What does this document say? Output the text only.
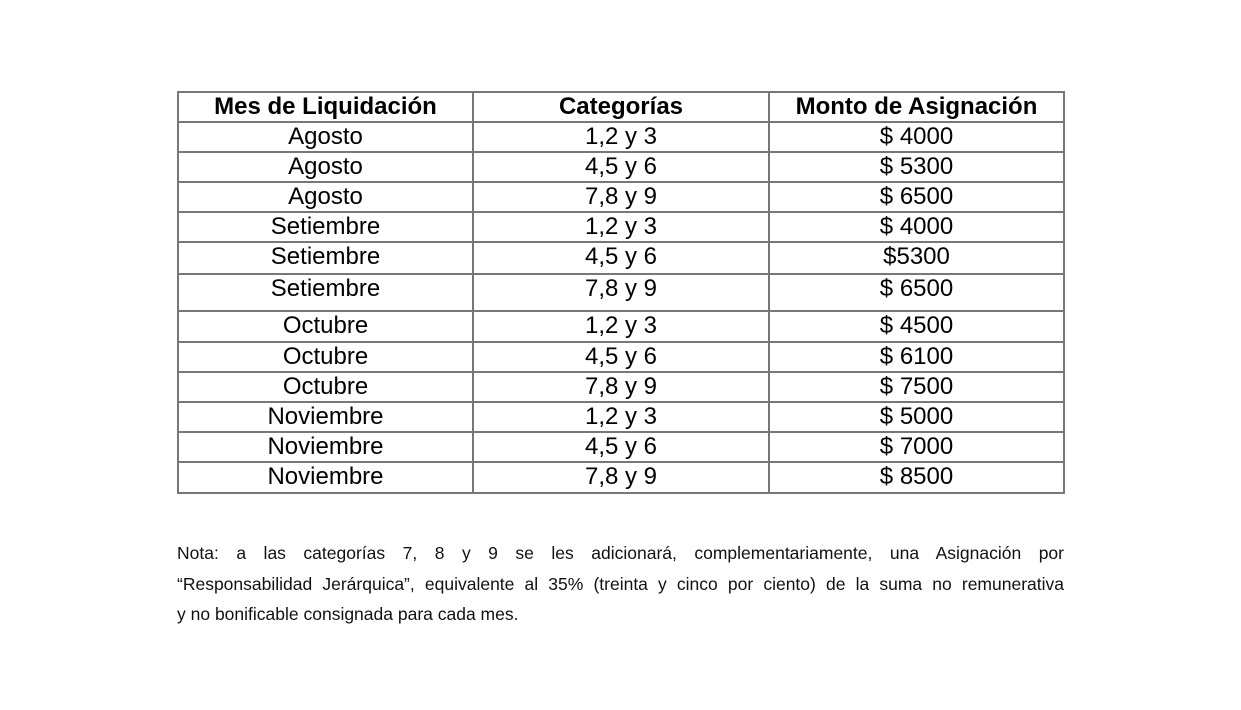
Mes de Liquidación	Categorías	Monto de Asignación
Agosto	1,2 y 3	$ 4000
Agosto	4,5 y 6	$ 5300
Agosto	7,8 y 9	$ 6500
Setiembre	1,2 y 3	$ 4000
Setiembre	4,5 y 6	$5300
Setiembre	7,8 y 9	$ 6500
Octubre	1,2 y 3	$ 4500
Octubre	4,5 y 6	$ 6100
Octubre	7,8 y 9	$ 7500
Noviembre	1,2 y 3	$ 5000
Noviembre	4,5 y 6	$ 7000
Noviembre	7,8 y 9	$ 8500
Nota: a las categorías 7, 8 y 9 se les adicionará, complementariamente, una Asignación por
“Responsabilidad Jerárquica”, equivalente al 35% (treinta y cinco por ciento) de la suma no remunerativa
y no bonificable consignada para cada mes.
